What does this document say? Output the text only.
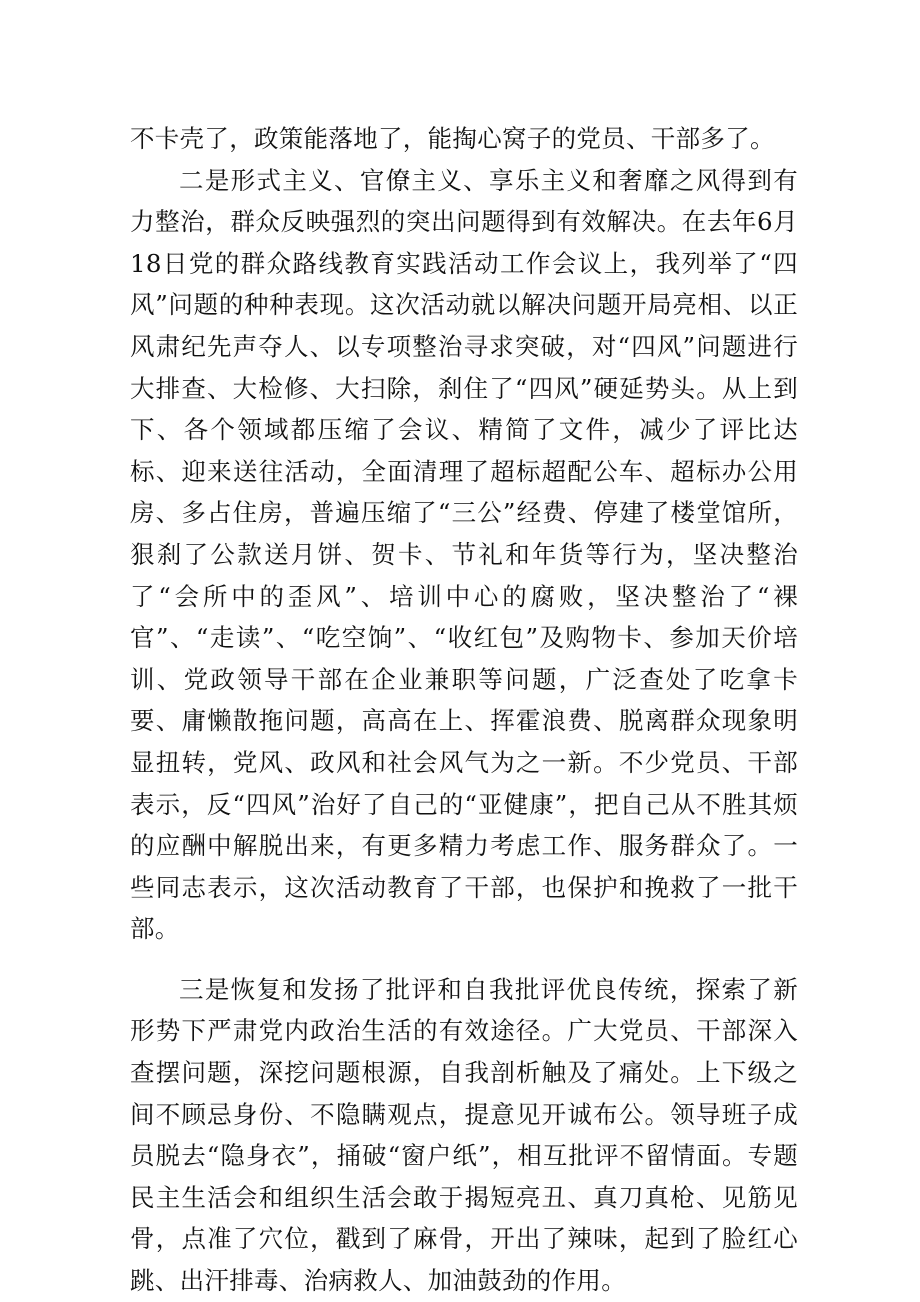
不卡壳了，政策能落地了，能掏心窝子的党员、干部多了。

二是形式主义、官僚主义、享乐主义和奢靡之风得到有力整治，群众反映强烈的突出问题得到有效解决。在去年6月18日党的群众路线教育实践活动工作会议上，我列举了“四风”问题的种种表现。这次活动就以解决问题开局亮相、以正风肃纪先声夺人、以专项整治寻求突破，对“四风”问题进行大排查、大检修、大扫除，刹住了“四风”硬延势头。从上到下、各个领域都压缩了会议、精简了文件，减少了评比达标、迎来送往活动，全面清理了超标超配公车、超标办公用房、多占住房，普遍压缩了“三公”经费、停建了楼堂馆所，狠刹了公款送月饼、贺卡、节礼和年货等行为，坚决整治了“会所中的歪风”、培训中心的腐败，坚决整治了“裸官”、“走读”、“吃空饷”、“收红包”及购物卡、参加天价培训、党政领导干部在企业兼职等问题，广泛查处了吃拿卡要、庸懒散拖问题，高高在上、挥霍浪费、脱离群众现象明显扭转，党风、政风和社会风气为之一新。不少党员、干部表示，反“四风”治好了自己的“亚健康”，把自己从不胜其烦的应酬中解脱出来，有更多精力考虑工作、服务群众了。一些同志表示，这次活动教育了干部，也保护和挽救了一批干部。

三是恢复和发扬了批评和自我批评优良传统，探索了新形势下严肃党内政治生活的有效途径。广大党员、干部深入查摆问题，深挖问题根源，自我剖析触及了痛处。上下级之间不顾忌身份、不隐瞒观点，提意见开诚布公。领导班子成员脱去“隐身衣”，捅破“窗户纸”，相互批评不留情面。专题民主生活会和组织生活会敢于揭短亮丑、真刀真枪、见筋见骨，点准了穴位，戳到了麻骨，开出了辣味，起到了脸红心跳、出汗排毒、治病救人、加油鼓劲的作用。
